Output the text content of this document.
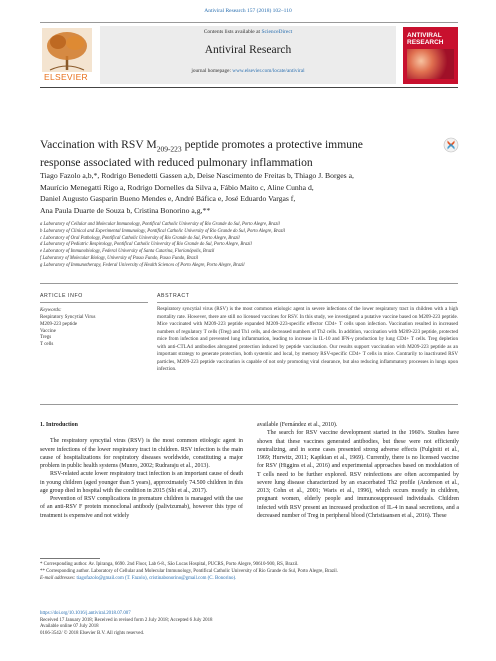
Antiviral Research 157 (2018) 102–110
ELSEVIER
Contents lists available at ScienceDirect
Antiviral Research
journal homepage: www.elsevier.com/locate/antiviral
ANTIVIRAL RESEARCH
Vaccination with RSV $M_{209-223}$ peptide promotes a protective immune
response associated with reduced pulmonary inflammation
Tiago Fazolo a,b,*, Rodrigo Benedetti Gassen a,b, Deise Nascimento de Freitas b, Thiago J. Borges a,
Maurício Menegatti Rigo a, Rodrigo Dornelles da Silva a, Fábio Maito c, Aline Cunha d,
Daniel Augusto Gasparin Bueno Mendes e, André Báfica e, José Eduardo Vargas f,
Ana Paula Duarte de Souza b, Cristina Bonorino a,g,**
a Laboratory of Cellular and Molecular Immunology, Pontifical Catholic University of Rio Grande do Sul, Porto Alegre, Brazil
b Laboratory of Clinical and Experimental Immunology, Pontifical Catholic University of Rio Grande do Sul, Porto Alegre, Brazil
c Laboratory of Oral Pathology, Pontifical Catholic University of Rio Grande do Sul, Porto Alegre, Brazil
d Laboratory of Pediatric Respirology, Pontifical Catholic University of Rio Grande do Sul, Porto Alegre, Brazil
e Laboratory of Immunobiology, Federal University of Santa Catarina, Florianópolis, Brazil
f Laboratory of Molecular Biology, University of Passo Fundo, Passo Fundo, Brazil
g Laboratory of Immunotherapy, Federal University of Health Sciences of Porto Alegre, Porto Alegre, Brazil
ARTICLE INFO
Keywords:
Respiratory Syncytial Virus
M209-223 peptide
Vaccine
Tregs
T cells
ABSTRACT
Respiratory syncytial virus (RSV) is the most common etiologic agent in severe infections of the lower respiratory tract in children with a high mortality rate. However, there are still no licensed vaccines for RSV. In this study, we investigated a putative vaccine based on M209-223 peptide. Mice vaccinated with M209-223 peptide expanded M209-223-specific effector CD4+ T cells upon infection. Vaccination resulted in increased numbers of regulatory T cells (Treg) and Th1 cells, and decreased numbers of Th2 cells. In addition, vaccination with M209-223 peptide, protected mice from infection and prevented lung inflammation, leading to increase in IL-10 and IFN-γ production by lung CD4+ T cells. Treg depletion with anti-CTLA4 antibodies abrogated protection induced by peptide vaccination. Our results support vaccination with M209-223 peptide as an important strategy to generate protection, both systemic and local, by memory RSV-specific CD4+ T cells in mice. Contrarily to inactivated RSV particles, M209-223 peptide vaccination is capable of not only promoting viral clearance, but also reducing inflammatory processes in lungs upon infection.

1. Introduction

The respiratory syncytial virus (RSV) is the most common etiologic agent in severe infections of the lower respiratory tract in children. RSV infection is the main cause of hospitalizations for respiratory diseases worldwide, constituting a major problem in public health systems (Munro, 2002; Rudraraju et al., 2013).

RSV-related acute lower respiratory tract infection is an important cause of death in young children (aged younger than 5 years), approximately 74.500 children in this age group died in hospital with the condition in 2015 (Shi et al., 2017).

Prevention of RSV complications in premature children is managed with the use of an anti-RSV F protein monoclonal antibody (palivizumab), however this type of treatment is expensive and not widely

available (Fernández et al., 2010).

The search for RSV vaccine development started in the 1960's. Studies have shown that these vaccines generated antibodies, but these were not efficiently neutralizing, and in some cases presented strong adverse effects (Fulginiti et al., 1969; Hurwitz, 2011; Kapikian et al., 1969). Currently, there is no licensed vaccine for RSV (Higgins et al., 2016) and experimental approaches based on modulation of T cells need to be further explored. RSV reinfections are often accompanied by severe lung disease characterized by an exacerbated Th2 profile (Anderson et al., 2013; Cohn et al., 2001; Waris et al., 1996), which occurs mostly in children, pregnant women, elderly people and immunosuppressed individuals. Children infected with RSV present an increased production of IL-4 in nasal secretions, and a decreased number of Treg in peripheral blood (Christiaansen et al., 2016). These

* Corresponding author. Av. Ipiranga, 6690. 2nd Floor, Lab 6-8., São Lucas Hospital, PUCRS, Porto Alegre, 90610-900, RS, Brazil.
** Corresponding author. Laboratory of Cellular and Molecular Immunology, Pontifical Catholic University of Rio Grande do Sul, Porto Alegre, Brazil.
E-mail addresses: tiagofazolo@gmail.com (T. Fazolo), cristinabonorino@gmail.com (C. Bonorino).
https://doi.org/10.1016/j.antiviral.2018.07.007
Received 17 January 2018; Received in revised form 2 July 2018; Accepted 6 July 2018
Available online 07 July 2018
0166-3542/ © 2018 Elsevier B.V. All rights reserved.
